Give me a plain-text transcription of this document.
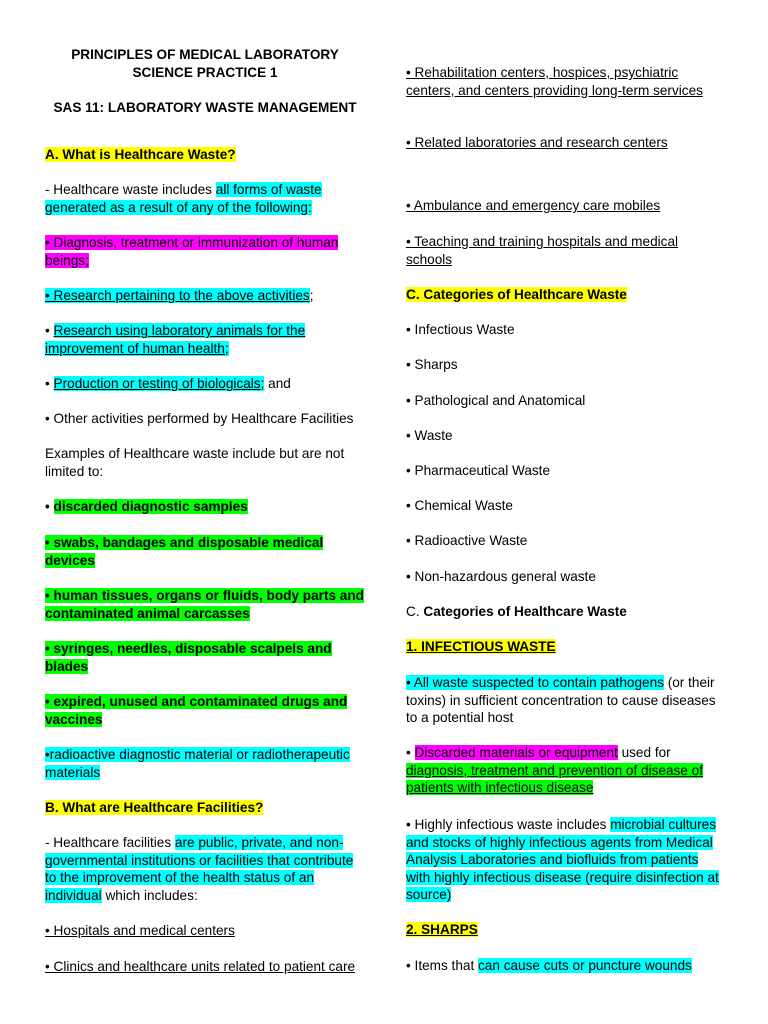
PRINCIPLES OF MEDICAL LABORATORY
SCIENCE PRACTICE 1

SAS 11: LABORATORY WASTE MANAGEMENT

A. What is Healthcare Waste?

- Healthcare waste includes all forms of waste generated as a result of any of the following:

• Diagnosis, treatment or immunization of human beings;

• Research pertaining to the above activities;

• Research using laboratory animals for the improvement of human health;

• Production or testing of biologicals; and

• Other activities performed by Healthcare Facilities

Examples of Healthcare waste include but are not limited to:

• discarded diagnostic samples

• swabs, bandages and disposable medical devices

• human tissues, organs or fluids, body parts and contaminated animal carcasses

• syringes, needles, disposable scalpels and blades

• expired, unused and contaminated drugs and vaccines

•radioactive diagnostic material or radiotherapeutic materials

B. What are Healthcare Facilities?

- Healthcare facilities are public, private, and non-governmental institutions or facilities that contribute to the improvement of the health status of an individual which includes:

• Hospitals and medical centers

• Clinics and healthcare units related to patient care

• Rehabilitation centers, hospices, psychiatric centers, and centers providing long-term services

• Related laboratories and research centers

• Ambulance and emergency care mobiles

• Teaching and training hospitals and medical schools

C. Categories of Healthcare Waste

• Infectious Waste

• Sharps

• Pathological and Anatomical

• Waste

• Pharmaceutical Waste

• Chemical Waste

• Radioactive Waste

• Non-hazardous general waste

C. Categories of Healthcare Waste

1. INFECTIOUS WASTE

• All waste suspected to contain pathogens (or their toxins) in sufficient concentration to cause diseases to a potential host

• Discarded materials or equipment used for diagnosis, treatment and prevention of disease of patients with infectious disease

• Highly infectious waste includes microbial cultures and stocks of highly infectious agents from Medical Analysis Laboratories and biofluids from patients with highly infectious disease (require disinfection at source)

2. SHARPS

• Items that can cause cuts or puncture wounds
